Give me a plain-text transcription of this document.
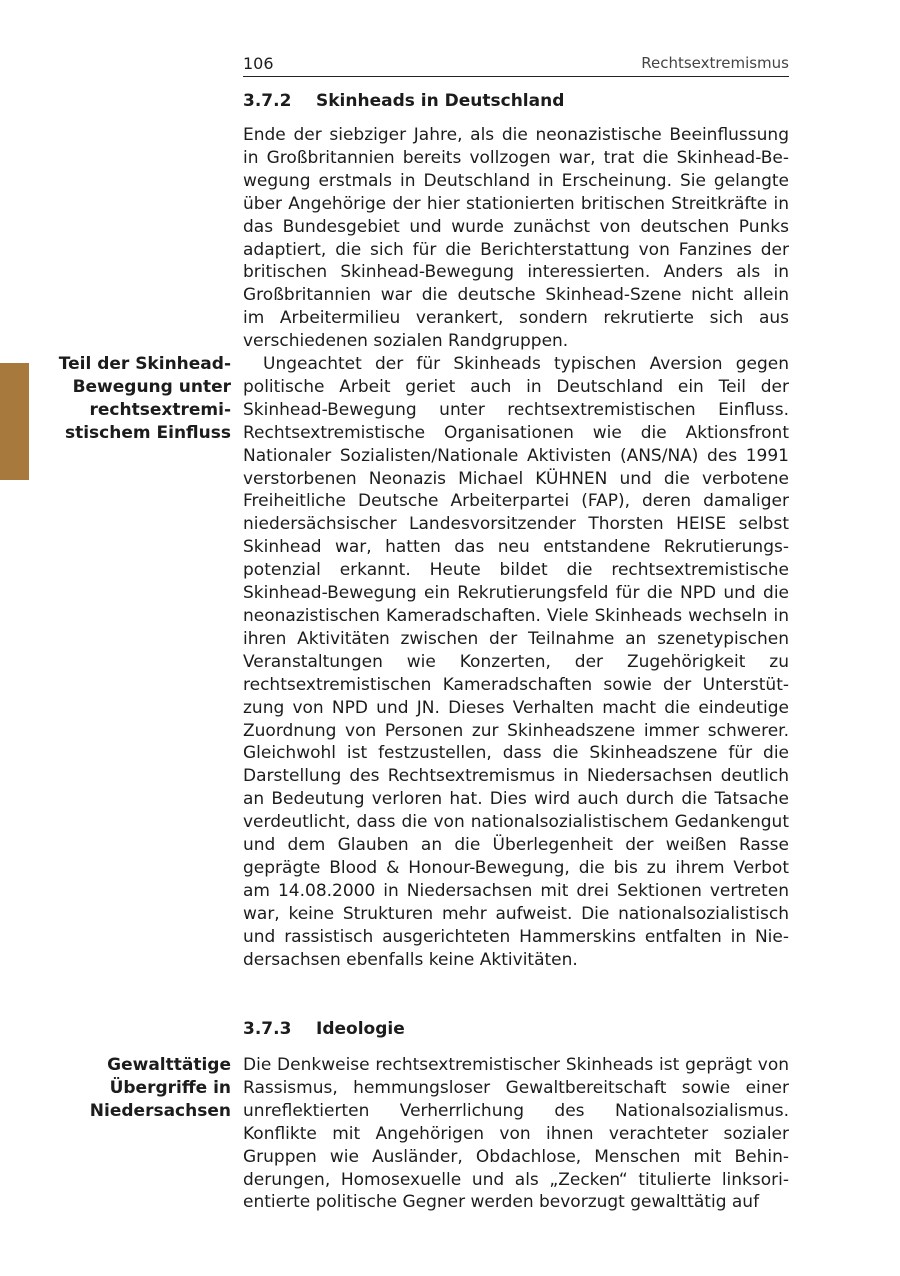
106	Rechtsextremismus
3.7.2 Skinheads in Deutschland

Ende der siebziger Jahre, als die neonazistische Beeinflussung in Großbritannien bereits vollzogen war, trat die Skinhead-Bewegung erstmals in Deutschland in Erscheinung. Sie gelangte über Angehörige der hier stationierten britischen Streitkräfte in das Bundesgebiet und wurde zunächst von deutschen Punks adaptiert, die sich für die Berichterstattung von Fanzines der britischen Skinhead-Bewegung interessierten. Anders als in Großbritannien war die deutsche Skinhead-Szene nicht allein im Arbeitermilieu verankert, sondern rekrutierte sich aus verschiedenen sozialen Randgruppen.

Teil der Skinhead-Bewegung unter rechtsextremistischem Einfluss

Ungeachtet der für Skinheads typischen Aversion gegen politische Arbeit geriet auch in Deutschland ein Teil der Skinhead-Bewegung unter rechtsextremistischen Einfluss. Rechtsextremistische Organisationen wie die Aktionsfront Nationaler Sozialisten/Nationale Aktivisten (ANS/NA) des 1991 verstorbenen Neonazis Michael KÜHNEN und die verbotene Freiheitliche Deutsche Arbeiterpartei (FAP), deren damaliger niedersächsischer Landesvorsitzender Thorsten HEISE selbst Skinhead war, hatten das neu entstandene Rekrutierungspotenzial erkannt. Heute bildet die rechtsextremistische Skinhead-Bewegung ein Rekrutierungsfeld für die NPD und die neonazistischen Kameradschaften. Viele Skinheads wechseln in ihren Aktivitäten zwischen der Teilnahme an szenetypischen Veranstaltungen wie Konzerten, der Zugehörigkeit zu rechtsextremistischen Kameradschaften sowie der Unterstützung von NPD und JN. Dieses Verhalten macht die eindeutige Zuordnung von Personen zur Skinheadszene immer schwerer. Gleichwohl ist festzustellen, dass die Skinheadszene für die Darstellung des Rechtsextremismus in Niedersachsen deutlich an Bedeutung verloren hat. Dies wird auch durch die Tatsache verdeutlicht, dass die von nationalsozialistischem Gedankengut und dem Glauben an die Überlegenheit der weißen Rasse geprägte Blood & Honour-Bewegung, die bis zu ihrem Verbot am 14.08.2000 in Niedersachsen mit drei Sektionen vertreten war, keine Strukturen mehr aufweist. Die nationalsozialistisch und rassistisch ausgerichteten Hammerskins entfalten in Niedersachsen ebenfalls keine Aktivitäten.

3.7.3 Ideologie

Gewalttätige Übergriffe in Niedersachsen

Die Denkweise rechtsextremistischer Skinheads ist geprägt von Rassismus, hemmungsloser Gewaltbereitschaft sowie einer unreflektierten Verherrlichung des Nationalsozialismus. Konflikte mit Angehörigen von ihnen verachteter sozialer Gruppen wie Ausländer, Obdachlose, Menschen mit Behinderungen, Homosexuelle und als „Zecken“ titulierte linksorientierte politische Gegner werden bevorzugt gewalttätig auf
